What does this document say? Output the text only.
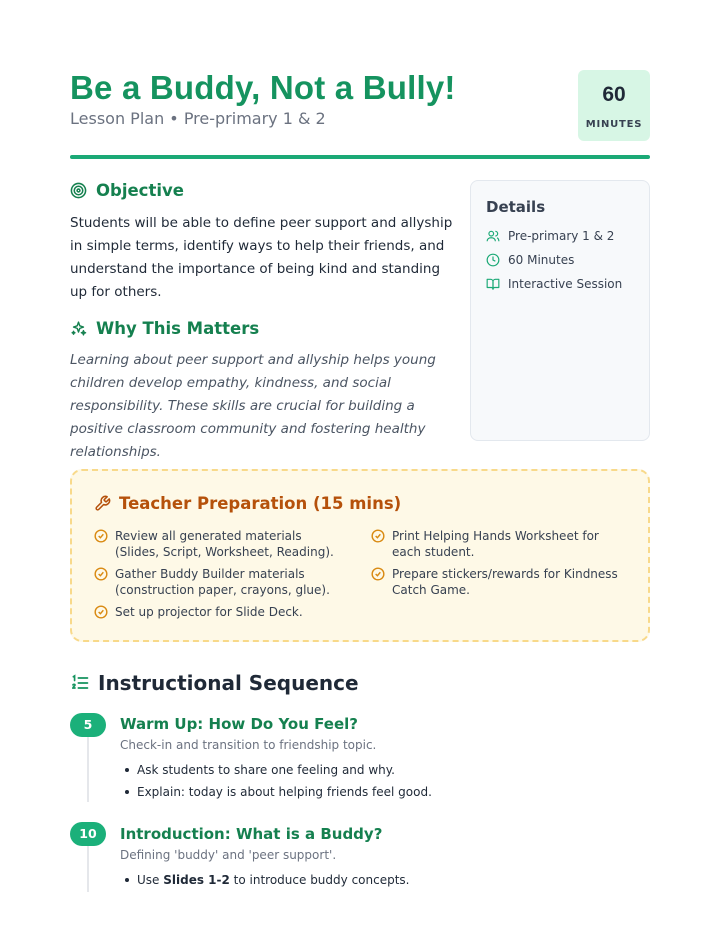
Be a Buddy, Not a Bully!
Lesson Plan • Pre-primary 1 & 2
60
MINUTES
Objective
Students will be able to define peer support and allyship in simple terms, identify ways to help their friends, and understand the importance of being kind and standing up for others.
Why This Matters
Learning about peer support and allyship helps young children develop empathy, kindness, and social responsibility. These skills are crucial for building a positive classroom community and fostering healthy relationships.
Details
Pre-primary 1 & 2
60 Minutes
Interactive Session
Teacher Preparation (15 mins)
Review all generated materials (Slides, Script, Worksheet, Reading).
Print Helping Hands Worksheet for each student.
Gather Buddy Builder materials (construction paper, crayons, glue).
Prepare stickers/rewards for Kindness Catch Game.
Set up projector for Slide Deck.
Instructional Sequence
5	Warm Up: How Do You Feel?
Check-in and transition to friendship topic.
Ask students to share one feeling and why.
Explain: today is about helping friends feel good.
10	Introduction: What is a Buddy?
Defining 'buddy' and 'peer support'.
Use Slides 1-2 to introduce buddy concepts.
